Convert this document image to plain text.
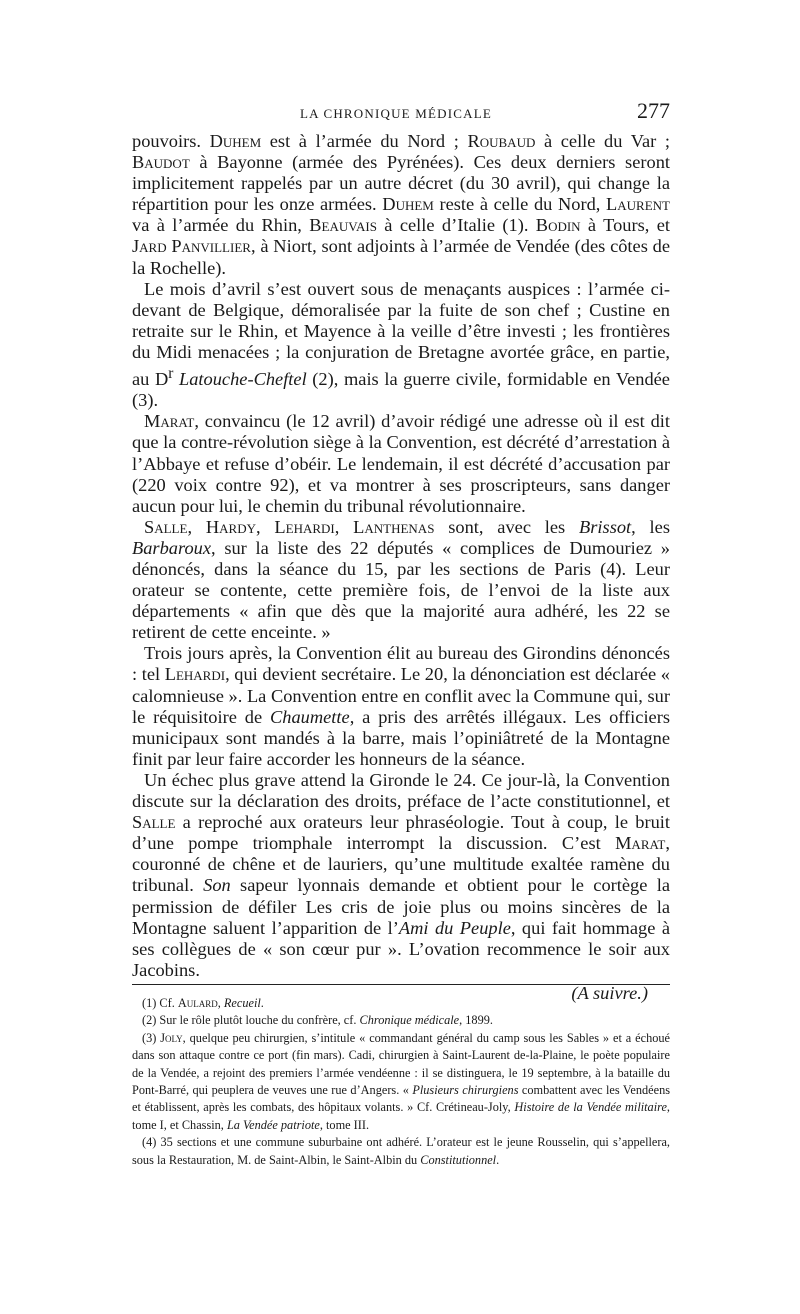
LA CHRONIQUE MÉDICALE	277

pouvoirs. Duhem est à l’armée du Nord ; Roubaud à celle du Var ; Baudot à Bayonne (armée des Pyrénées). Ces deux derniers seront implicitement rappelés par un autre décret (du 30 avril), qui change la répartition pour les onze armées. Duhem reste à celle du Nord, Laurent va à l’armée du Rhin, Beauvais à celle d’Italie (1). Bodin à Tours, et Jard Panvillier, à Niort, sont adjoints à l’armée de Vendée (des côtes de la Rochelle).

Le mois d’avril s’est ouvert sous de menaçants auspices : l’armée ci-devant de Belgique, démoralisée par la fuite de son chef ; Custine en retraite sur le Rhin, et Mayence à la veille d’être investi ; les frontières du Midi menacées ; la conjuration de Bretagne avortée grâce, en partie, au $D^r$ Latouche-Cheftel (2), mais la guerre civile, formidable en Vendée (3).

Marat, convaincu (le 12 avril) d’avoir rédigé une adresse où il est dit que la contre-révolution siège à la Convention, est décrété d’arrestation à l’Abbaye et refuse d’obéir. Le lendemain, il est décrété d’accusation par (220 voix contre 92), et va montrer à ses proscripteurs, sans danger aucun pour lui, le chemin du tribunal révolutionnaire.

Salle, Hardy, Lehardi, Lanthenas sont, avec les Brissot, les Barbaroux, sur la liste des 22 députés « complices de Dumouriez » dénoncés, dans la séance du 15, par les sections de Paris (4). Leur orateur se contente, cette première fois, de l’envoi de la liste aux départements « afin que dès que la majorité aura adhéré, les 22 se retirent de cette enceinte. »

Trois jours après, la Convention élit au bureau des Girondins dénoncés : tel Lehardi, qui devient secrétaire. Le 20, la dénonciation est déclarée « calomnieuse ». La Convention entre en conflit avec la Commune qui, sur le réquisitoire de Chaumette, a pris des arrêtés illégaux. Les officiers municipaux sont mandés à la barre, mais l’opiniâtreté de la Montagne finit par leur faire accorder les honneurs de la séance.

Un échec plus grave attend la Gironde le 24. Ce jour-là, la Convention discute sur la déclaration des droits, préface de l’acte constitutionnel, et Salle a reproché aux orateurs leur phraséologie. Tout à coup, le bruit d’une pompe triomphale interrompt la discussion. C’est Marat, couronné de chêne et de lauriers, qu’une multitude exaltée ramène du tribunal. Son sapeur lyonnais demande et obtient pour le cortège la permission de défiler Les cris de joie plus ou moins sincères de la Montagne saluent l’apparition de l’Ami du Peuple, qui fait hommage à ses collègues de « son cœur pur ». L’ovation recommence le soir aux Jacobins.

(A suivre.)

(1) Cf. Aulard, Recueil.

(2) Sur le rôle plutôt louche du confrère, cf. Chronique médicale, 1899.

(3) Joly, quelque peu chirurgien, s’intitule « commandant général du camp sous les Sables » et a échoué dans son attaque contre ce port (fin mars). Cadi, chirurgien à Saint-Laurent de-la-Plaine, le poète populaire de la Vendée, a rejoint des premiers l’armée vendéenne : il se distinguera, le 19 septembre, à la bataille du Pont-Barré, qui peuplera de veuves une rue d’Angers. « Plusieurs chirurgiens combattent avec les Vendéens et établissent, après les combats, des hôpitaux volants. » Cf. Crétineau-Joly, Histoire de la Vendée militaire, tome I, et Chassin, La Vendée patriote, tome III.

(4) 35 sections et une commune suburbaine ont adhéré. L’orateur est le jeune Rousselin, qui s’appellera, sous la Restauration, M. de Saint-Albin, le Saint-Albin du Constitutionnel.
